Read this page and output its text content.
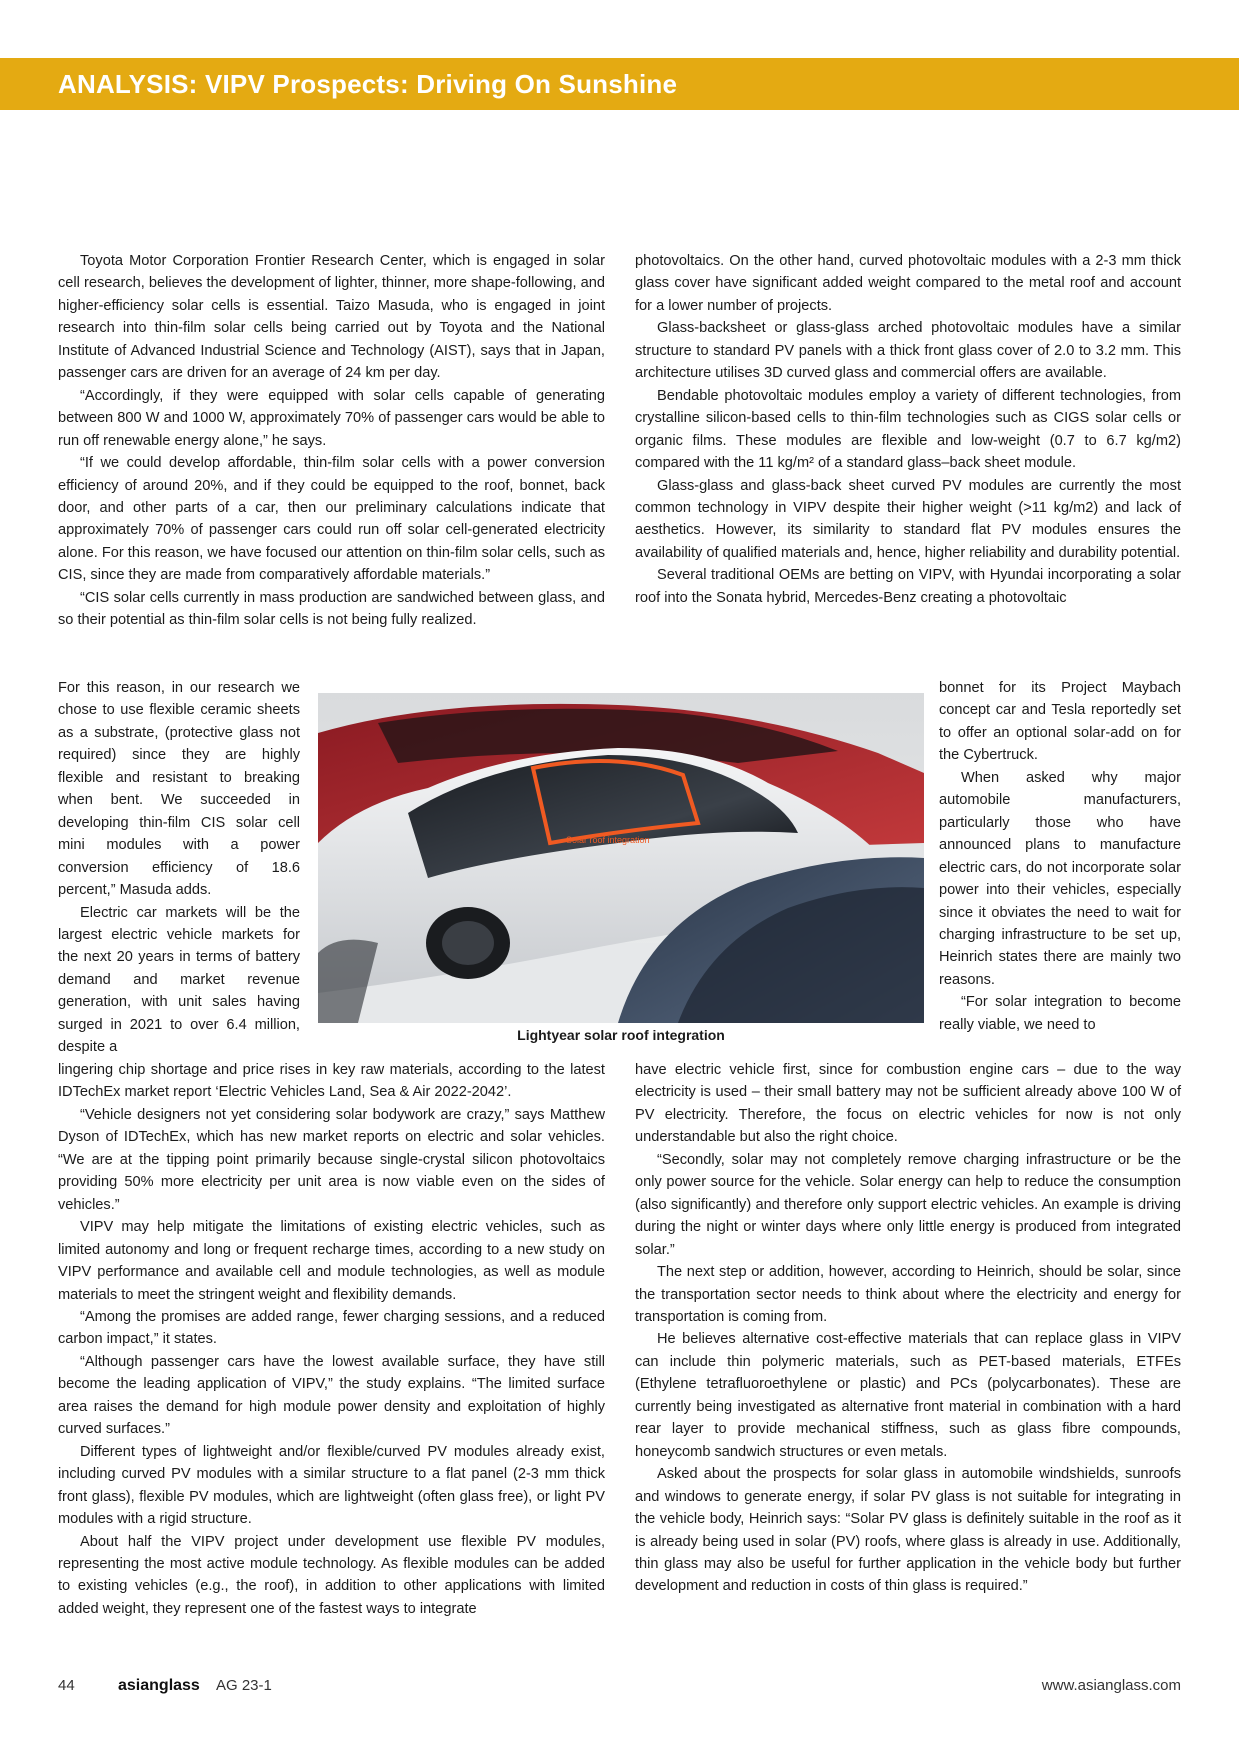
ANALYSIS: VIPV Prospects: Driving On Sunshine

Toyota Motor Corporation Frontier Research Center, which is engaged in solar cell research, believes the development of lighter, thinner, more shape-following, and higher-efficiency solar cells is essential. Taizo Masuda, who is engaged in joint research into thin-film solar cells being carried out by Toyota and the National Institute of Advanced Industrial Science and Technology (AIST), says that in Japan, passenger cars are driven for an average of 24 km per day.

“Accordingly, if they were equipped with solar cells capable of generating between 800 W and 1000 W, approximately 70% of passenger cars would be able to run off renewable energy alone,” he says.

“If we could develop affordable, thin-film solar cells with a power conversion efficiency of around 20%, and if they could be equipped to the roof, bonnet, back door, and other parts of a car, then our preliminary calculations indicate that approximately 70% of passenger cars could run off solar cell-generated electricity alone. For this reason, we have focused our attention on thin-film solar cells, such as CIS, since they are made from comparatively affordable materials.”

“CIS solar cells currently in mass production are sandwiched between glass, and so their potential as thin-film solar cells is not being fully realized.

For this reason, in our research we chose to use flexible ceramic sheets as a substrate, (protective glass not required) since they are highly flexible and resistant to breaking when bent. We succeeded in developing thin-film CIS solar cell mini modules with a power conversion efficiency of 18.6 percent,” Masuda adds.

Electric car markets will be the largest electric vehicle markets for the next 20 years in terms of battery demand and market revenue generation, with unit sales having surged in 2021 to over 6.4 million, despite a

lingering chip shortage and price rises in key raw materials, according to the latest IDTechEx market report ‘Electric Vehicles Land, Sea & Air 2022-2042’.

“Vehicle designers not yet considering solar bodywork are crazy,” says Matthew Dyson of IDTechEx, which has new market reports on electric and solar vehicles. “We are at the tipping point primarily because single-crystal silicon photovoltaics providing 50% more electricity per unit area is now viable even on the sides of vehicles.”

VIPV may help mitigate the limitations of existing electric vehicles, such as limited autonomy and long or frequent recharge times, according to a new study on VIPV performance and available cell and module technologies, as well as module materials to meet the stringent weight and flexibility demands.

“Among the promises are added range, fewer charging sessions, and a reduced carbon impact,” it states.

“Although passenger cars have the lowest available surface, they have still become the leading application of VIPV,” the study explains. “The limited surface area raises the demand for high module power density and exploitation of highly curved surfaces.”

Different types of lightweight and/or flexible/curved PV modules already exist, including curved PV modules with a similar structure to a flat panel (2-3 mm thick front glass), flexible PV modules, which are lightweight (often glass free), or light PV modules with a rigid structure.

About half the VIPV project under development use flexible PV modules, representing the most active module technology. As flexible modules can be added to existing vehicles (e.g., the roof), in addition to other applications with limited added weight, they represent one of the fastest ways to integrate

photovoltaics. On the other hand, curved photovoltaic modules with a 2-3 mm thick glass cover have significant added weight compared to the metal roof and account for a lower number of projects.

Glass-backsheet or glass-glass arched photovoltaic modules have a similar structure to standard PV panels with a thick front glass cover of 2.0 to 3.2 mm. This architecture utilises 3D curved glass and commercial offers are available.

Bendable photovoltaic modules employ a variety of different technologies, from crystalline silicon-based cells to thin-film technologies such as CIGS solar cells or organic films. These modules are flexible and low-weight (0.7 to 6.7 kg/m2) compared with the 11 kg/m² of a standard glass–back sheet module.

Glass-glass and glass-back sheet curved PV modules are currently the most common technology in VIPV despite their higher weight (>11 kg/m2) and lack of aesthetics. However, its similarity to standard flat PV modules ensures the availability of qualified materials and, hence, higher reliability and durability potential.

Several traditional OEMs are betting on VIPV, with Hyundai incorporating a solar roof into the Sonata hybrid, Mercedes-Benz creating a photovoltaic

bonnet for its Project Maybach concept car and Tesla reportedly set to offer an optional solar-add on for the Cybertruck.

When asked why major automobile manufacturers, particularly those who have announced plans to manufacture electric cars, do not incorporate solar power into their vehicles, especially since it obviates the need to wait for charging infrastructure to be set up, Heinrich states there are mainly two reasons.

“For solar integration to become really viable, we need to

have electric vehicle first, since for combustion engine cars – due to the way electricity is used – their small battery may not be sufficient already above 100 W of PV electricity. Therefore, the focus on electric vehicles for now is not only understandable but also the right choice.

“Secondly, solar may not completely remove charging infrastructure or be the only power source for the vehicle. Solar energy can help to reduce the consumption (also significantly) and therefore only support electric vehicles. An example is driving during the night or winter days where only little energy is produced from integrated solar.”

The next step or addition, however, according to Heinrich, should be solar, since the transportation sector needs to think about where the electricity and energy for transportation is coming from.

He believes alternative cost-effective materials that can replace glass in VIPV can include thin polymeric materials, such as PET-based materials, ETFEs (Ethylene tetrafluoroethylene or plastic) and PCs (polycarbonates). These are currently being investigated as alternative front material in combination with a hard rear layer to provide mechanical stiffness, such as glass fibre compounds, honeycomb sandwich structures or even metals.

Asked about the prospects for solar glass in automobile windshields, sunroofs and windows to generate energy, if solar PV glass is not suitable for integrating in the vehicle body, Heinrich says: “Solar PV glass is definitely suitable in the roof as it is already being used in solar (PV) roofs, where glass is already in use. Additionally, thin glass may also be useful for further application in the vehicle body but further development and reduction in costs of thin glass is required.”

Solar roof integration
Lightyear solar roof integration
44	asianglass AG 23-1	www.asianglass.com
